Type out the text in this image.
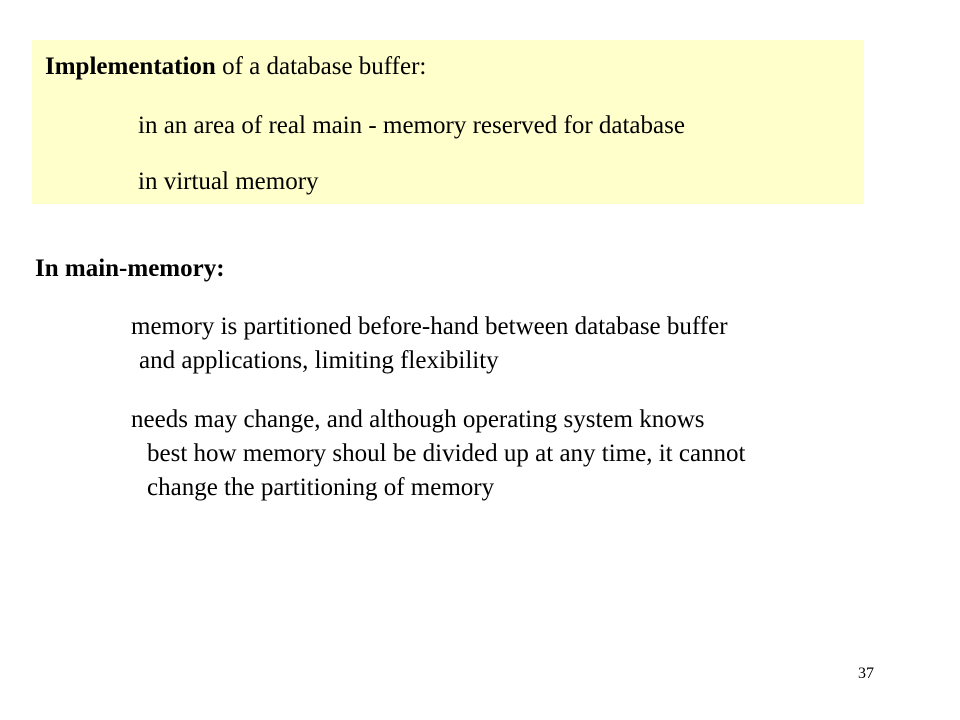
Implementation of a database buffer:
in an area of real main - memory reserved for database
in virtual memory
In main-memory:
memory is partitioned before-hand between database buffer
and applications, limiting flexibility
needs may change, and although operating system knows
best how memory shoul be divided up at any time, it cannot
change the partitioning of memory
37
